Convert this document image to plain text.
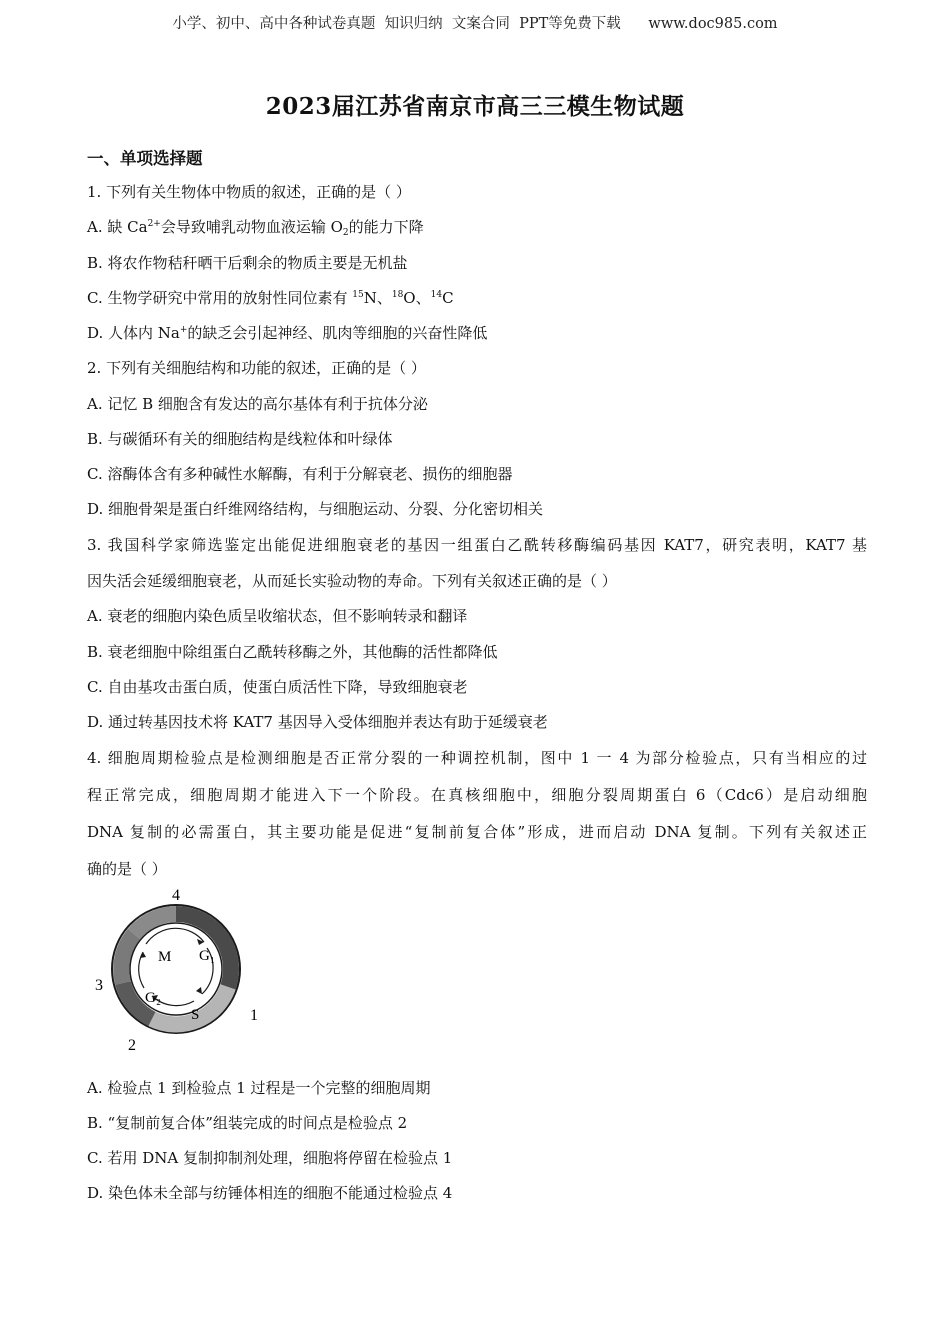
小学、初中、高中各种试卷真题  知识归纳  文案合同  PPT等免费下载      www.doc985.com
2023届江苏省南京市高三三模生物试题
一、单项选择题
1. 下列有关生物体中物质的叙述，正确的是（ ）
A. 缺 $Ca^{2+}$会导致哺乳动物血液运输 $O_2$的能力下降
B. 将农作物秸秆晒干后剩余的物质主要是无机盐
C. 生物学研究中常用的放射性同位素有 $^{15}$N、$^{18}$O、$^{14}$C
D. 人体内 Na+的缺乏会引起神经、肌肉等细胞的兴奋性降低
2. 下列有关细胞结构和功能的叙述，正确的是（ ）
A. 记忆 B 细胞含有发达的高尔基体有利于抗体分泌
B. 与碳循环有关的细胞结构是线粒体和叶绿体
C. 溶酶体含有多种碱性水解酶，有利于分解衰老、损伤的细胞器
D. 细胞骨架是蛋白纤维网络结构，与细胞运动、分裂、分化密切相关
3. 我国科学家筛选鉴定出能促进细胞衰老的基因一组蛋白乙酰转移酶编码基因 KAT7，研究表明，KAT7 基
因失活会延缓细胞衰老，从而延长实验动物的寿命。下列有关叙述正确的是（ ）
A. 衰老的细胞内染色质呈收缩状态，但不影响转录和翻译
B. 衰老细胞中除组蛋白乙酰转移酶之外，其他酶的活性都降低
C. 自由基攻击蛋白质，使蛋白质活性下降，导致细胞衰老
D. 通过转基因技术将 KAT7 基因导入受体细胞并表达有助于延缓衰老
4. 细胞周期检验点是检测细胞是否正常分裂的一种调控机制，图中 1 一 4 为部分检验点，只有当相应的过
程正常完成，细胞周期才能进入下一个阶段。在真核细胞中，细胞分裂周期蛋白 6（Cdc6）是启动细胞
DNA 复制的必需蛋白，其主要功能是促进“复制前复合体”形成，进而启动 DNA 复制。下列有关叙述正
确的是（ ）
M G₁
G₂
S	1
2
3
4
A. 检验点 1 到检验点 1 过程是一个完整的细胞周期
B. “复制前复合体”组装完成的时间点是检验点 2
C. 若用 DNA 复制抑制剂处理，细胞将停留在检验点 1
D. 染色体未全部与纺锤体相连的细胞不能通过检验点 4
